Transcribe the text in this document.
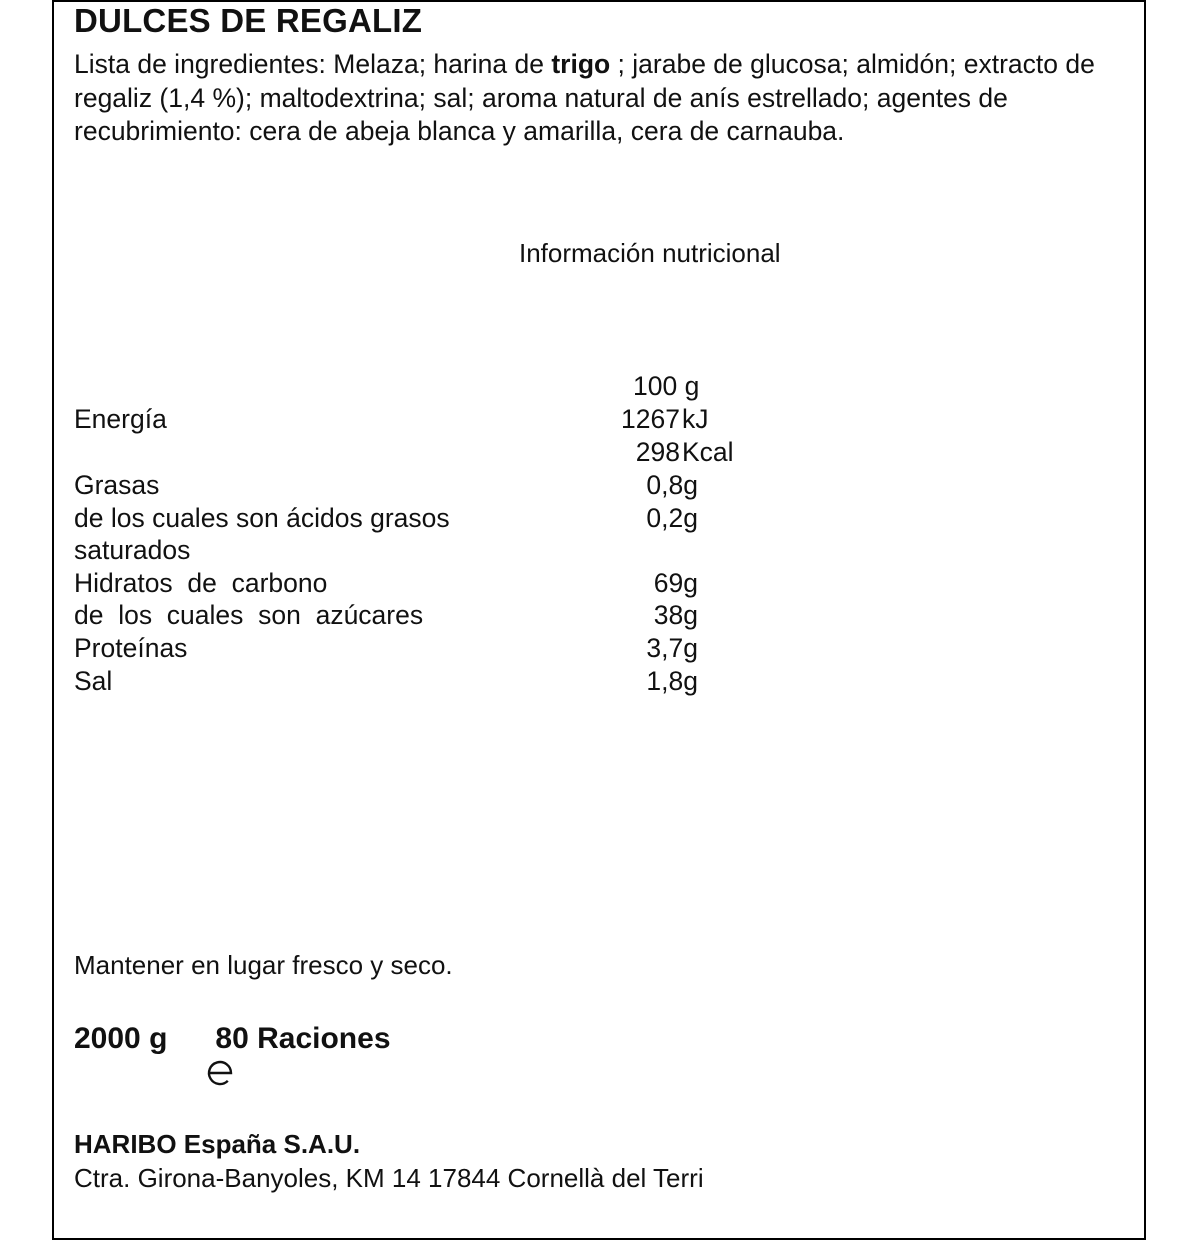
DULCES DE REGALIZ

Lista de ingredientes: Melaza; harina de trigo ; jarabe de glucosa; almidón; extracto de regaliz (1,4 %); maltodextrina; sal; aroma natural de anís estrellado; agentes de recubrimiento: cera de abeja blanca y amarilla, cera de carnauba.

Información nutricional
100 g
Energía	1267 kJ
298 Kcal
Grasas	0,8g
de los cuales son ácidos grasos	0,2g
saturados
Hidratos  de  carbono	69g
de  los  cuales  son  azúcares	38g
Proteínas	3,7g
Sal	1,8g
Mantener en lugar fresco y seco.
2000 g

80 Raciones
HARIBO España S.A.U.
Ctra. Girona-Banyoles, KM 14 17844 Cornellà del Terri
